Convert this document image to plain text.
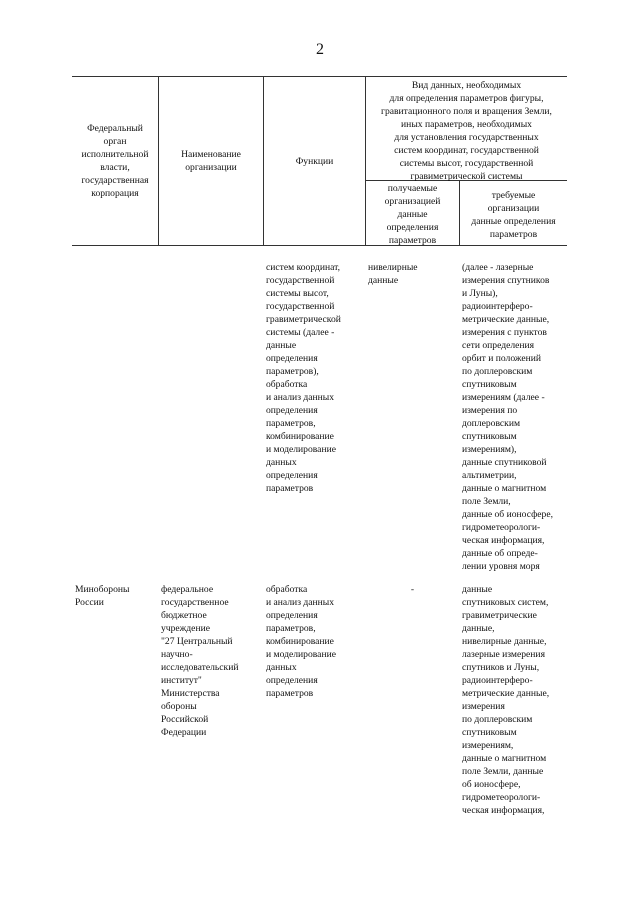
2
Федеральный
орган
исполнительной
власти,
государственная
корпорация
Наименование
организации
Функции
Вид данных, необходимых
для определения параметров фигуры,
гравитационного поля и вращения Земли,
иных параметров, необходимых
для установления государственных
систем координат, государственной
системы высот, государственной
гравиметрической системы
получаемые
организацией
данные
определения
параметров
требуемые
организации
данные определения
параметров
систем координат,
государственной
системы высот,
государственной
гравиметрической
системы (далее -
данные
определения
параметров),
обработка
и анализ данных
определения
параметров,
комбинирование
и моделирование
данных
определения
параметров
нивелирные
данные
(далее - лазерные
измерения спутников
и Луны),
радиоинтерферо-
метрические данные,
измерения с пунктов
сети определения
орбит и положений
по доплеровским
спутниковым
измерениям (далее -
измерения по
доплеровским
спутниковым
измерениям),
данные спутниковой
альтиметрии,
данные о магнитном
поле Земли,
данные об ионосфере,
гидрометеорологи-
ческая информация,
данные об опреде-
лении уровня моря
Минобороны
России
федеральное
государственное
бюджетное
учреждение
"27 Центральный
научно-
исследовательский
институт"
Министерства
обороны
Российской
Федерации
обработка
и анализ данных
определения
параметров,
комбинирование
и моделирование
данных
определения
параметров
-	данные
спутниковых систем,
гравиметрические
данные,
нивелирные данные,
лазерные измерения
спутников и Луны,
радиоинтерферо-
метрические данные,
измерения
по доплеровским
спутниковым
измерениям,
данные о магнитном
поле Земли, данные
об ионосфере,
гидрометеорологи-
ческая информация,
